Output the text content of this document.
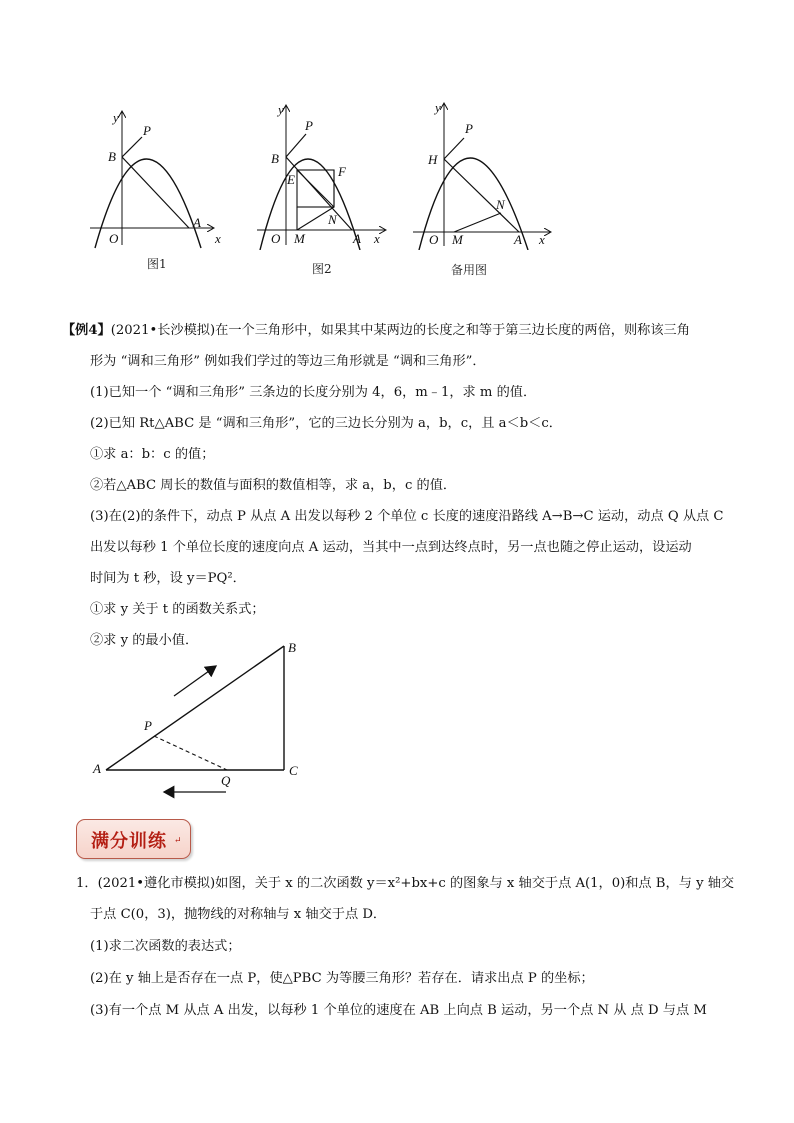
y
P
B
O
A
x
图1
y
P
B
E
F
O M
N
A x
图2
y
P
H
N
O M	A x
备用图
【例4】(2021•长沙模拟)在一个三角形中，如果其中某两边的长度之和等于第三边长度的两倍，则称该三角
形为 “调和三角形” 例如我们学过的等边三角形就是 “调和三角形”．
(1)已知一个 “调和三角形” 三条边的长度分别为 4，6，m﹣1，求 m 的值．
(2)已知 Rt△ABC 是 “调和三角形”，它的三边长分别为 a，b，c，且 a＜b＜c．
①求 a：b：c 的值；
②若△ABC 周长的数值与面积的数值相等，求 a，b，c 的值．
(3)在(2)的条件下，动点 P 从点 A 出发以每秒 2 个单位 c 长度的速度沿路线 A→B→C 运动，动点 Q 从点 C
出发以每秒 1 个单位长度的速度向点 A 运动，当其中一点到达终点时，另一点也随之停止运动，设运动
时间为 t 秒，设 y＝PQ²．
①求 y 关于 t 的函数关系式；
②求 y 的最小值．	B
P
A
Q
C
满分训练 ↵
1．(2021•遵化市模拟)如图，关于 x 的二次函数 y＝x²+bx+c 的图象与 x 轴交于点 A(1，0)和点 B，与 y 轴交
于点 C(0，3)，抛物线的对称轴与 x 轴交于点 D．
(1)求二次函数的表达式；
(2)在 y 轴上是否存在一点 P，使△PBC 为等腰三角形？若存在．请求出点 P 的坐标；
(3)有一个点 M 从点 A 出发，以每秒 1 个单位的速度在 AB 上向点 B 运动，另一个点 N 从 点 D 与点 M
